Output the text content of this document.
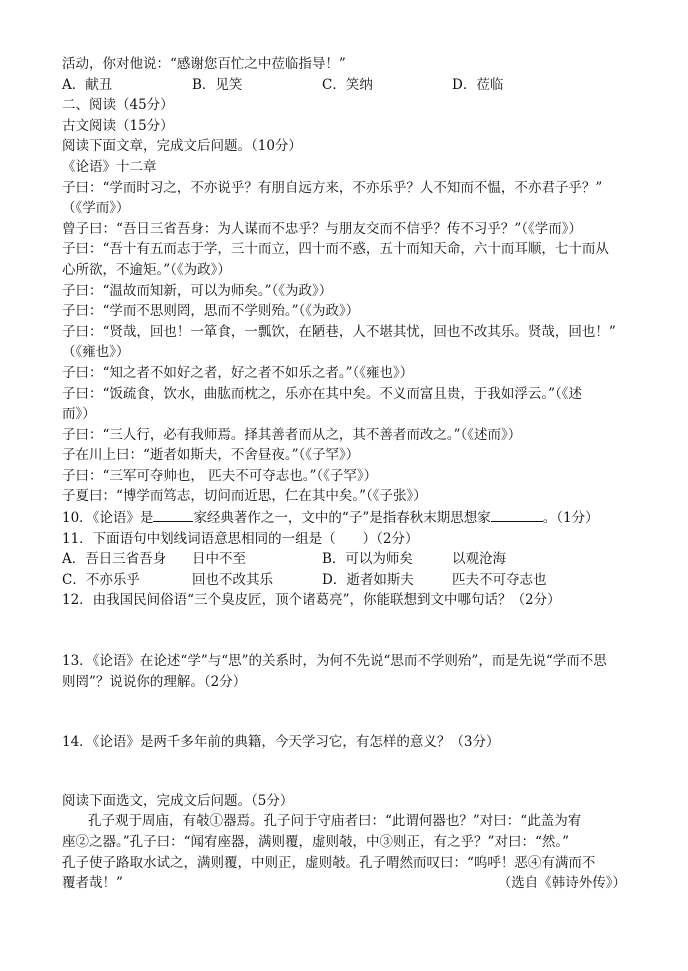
活动，你对他说：“感谢您百忙之中莅临指导！”
A．献丑	B．见笑	C．笑纳	D．莅临
二、阅读（45分）
古文阅读（15分）
阅读下面文章，完成文后问题。（10分）
《论语》十二章
子曰：“学而时习之，不亦说乎？有朋自远方来，不亦乐乎？人不知而不愠，不亦君子乎？”
（《学而》）
曾子曰：“吾日三省吾身：为人谋而不忠乎？与朋友交而不信乎？传不习乎？”（《学而》）
子曰：“吾十有五而志于学，三十而立，四十而不惑，五十而知天命，六十而耳顺，七十而从
心所欲，不逾矩。”（《为政》）
子曰：“温故而知新，可以为师矣。”（《为政》）
子曰：“学而不思则罔，思而不学则殆。”（《为政》）
子曰：“贤哉，回也！一箪食，一瓢饮，在陋巷，人不堪其忧，回也不改其乐。贤哉，回也！”
（《雍也》）
子曰：“知之者不如好之者，好之者不如乐之者。”（《雍也》）
子曰：“饭疏食，饮水，曲肱而枕之，乐亦在其中矣。不义而富且贵，于我如浮云。”（《述
而》）
子曰：“三人行，必有我师焉。择其善者而从之，其不善者而改之。”（《述而》）
子在川上曰：“逝者如斯夫，不舍昼夜。”（《子罕》）
子曰：“三军可夺帅也， 匹夫不可夺志也。”（《子罕》）
子夏曰：“博学而笃志，切问而近思，仁在其中矣。”（《子张》）
10．《论语》是	家经典著作之一，文中的“子”是指春秋末期思想家	。（1分）
11．下面语句中划线词语意思相同的一组是（　　）（2分）
A．吾日三省吾身	日中不至	B．可以为师矣	以观沧海
C．不亦乐乎	回也不改其乐	D．逝者如斯夫	匹夫不可夺志也
12．由我国民间俗语“三个臭皮匠，顶个诸葛亮”，你能联想到文中哪句话？（2分）
13．《论语》在论述“学”与“思”的关系时，为何不先说“思而不学则殆”，而是先说“学而不思
则罔”？说说你的理解。（2分）
14．《论语》是两千多年前的典籍，今天学习它，有怎样的意义？（3分）
阅读下面选文，完成文后问题。（5分）
孔子观于周庙，有攲①器焉。孔子问于守庙者曰：“此谓何器也？”对曰：“此盖为宥
座②之器。”孔子曰：“闻宥座器，满则覆，虚则攲，中③则正，有之乎？”对曰：“然。”
孔子使子路取水试之，满则覆，中则正，虚则攲。孔子喟然而叹曰：“呜呼！恶④有满而不
覆者哉！”	（选自《韩诗外传》）
